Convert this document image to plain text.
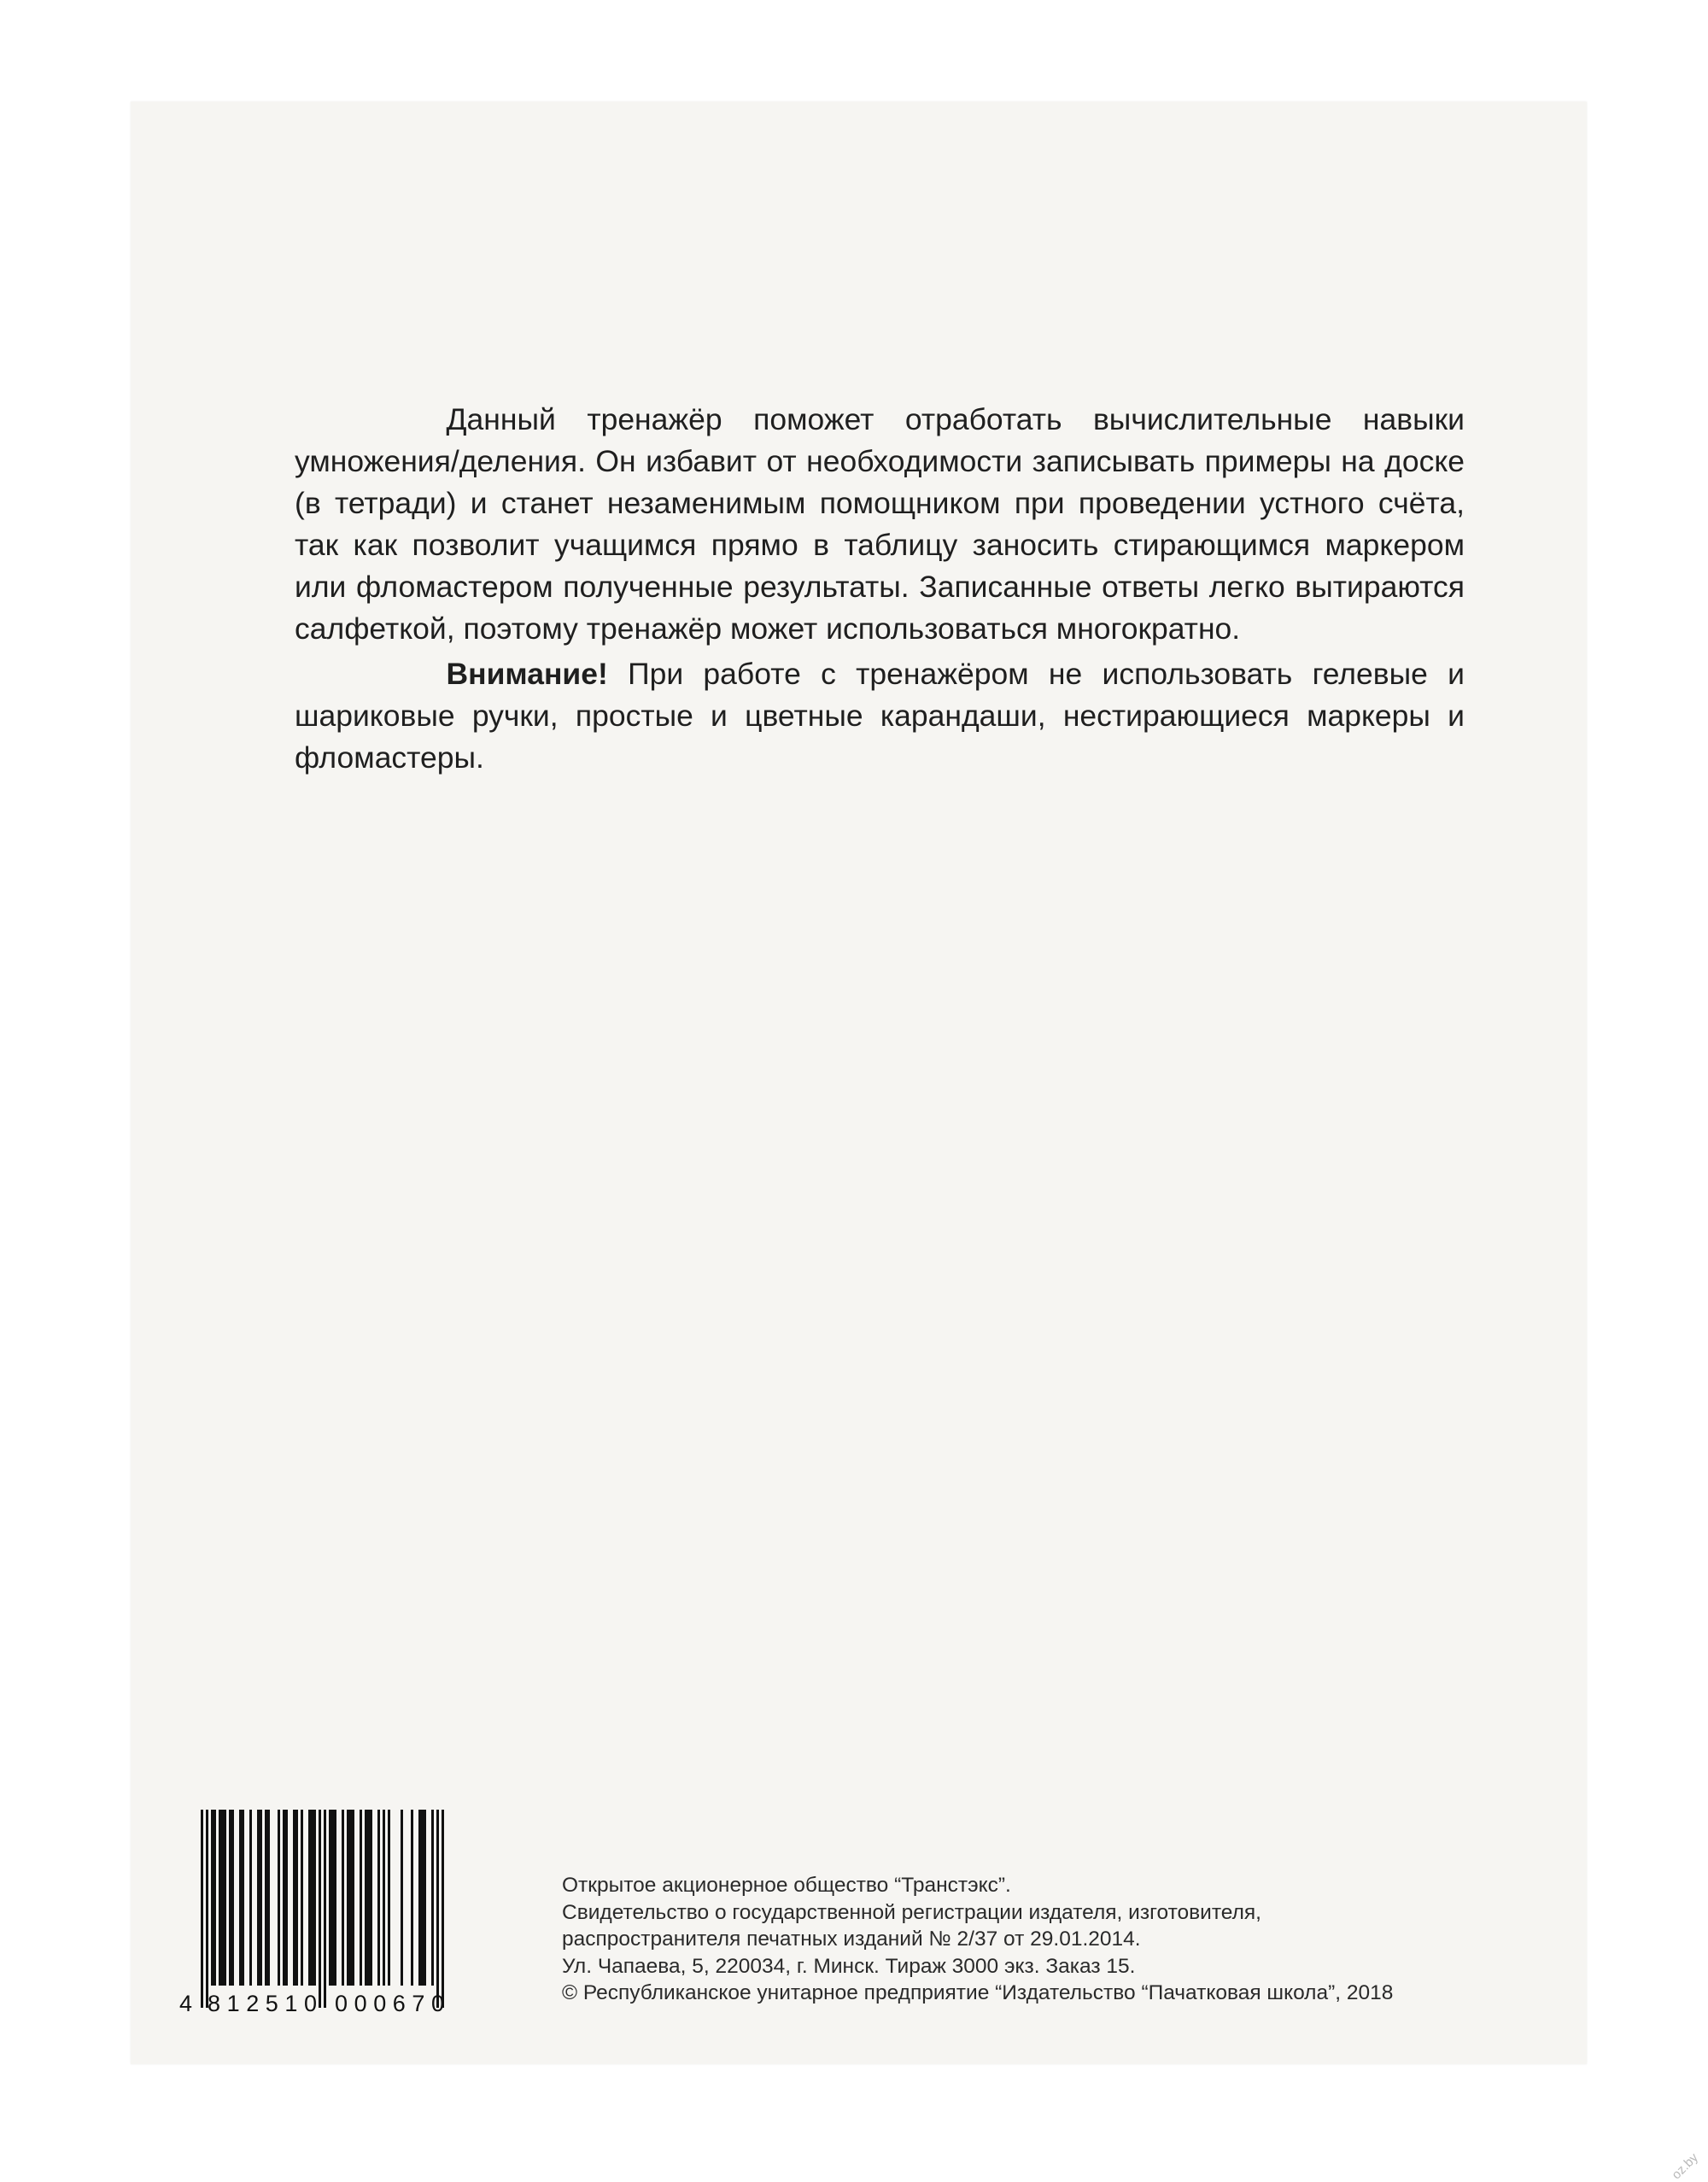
Данный тренажёр поможет отработать вычислительные навыки умножения/деления. Он избавит от необходимости записывать примеры на доске (в тетради) и станет незаменимым помощником при проведении устного счёта, так как позволит учащимся прямо в таблицу заносить стирающимся маркером или фломастером полученные результаты. Записанные ответы легко вытираются салфеткой, поэтому тренажёр может использоваться многократно.

Внимание! При работе с тренажёром не использовать гелевые и шариковые ручки, простые и цветные карандаши, нестирающиеся маркеры и фломастеры.

4 812510 000670
Открытое акционерное общество “Транстэкс”.
Свидетельство о государственной регистрации издателя, изготовителя,
распространителя печатных изданий № 2/37 от 29.01.2014.
Ул. Чапаева, 5, 220034, г. Минск. Тираж 3000 экз. Заказ 15.
© Республиканское унитарное предприятие “Издательство “Пачатковая школа”, 2018
oz.by
